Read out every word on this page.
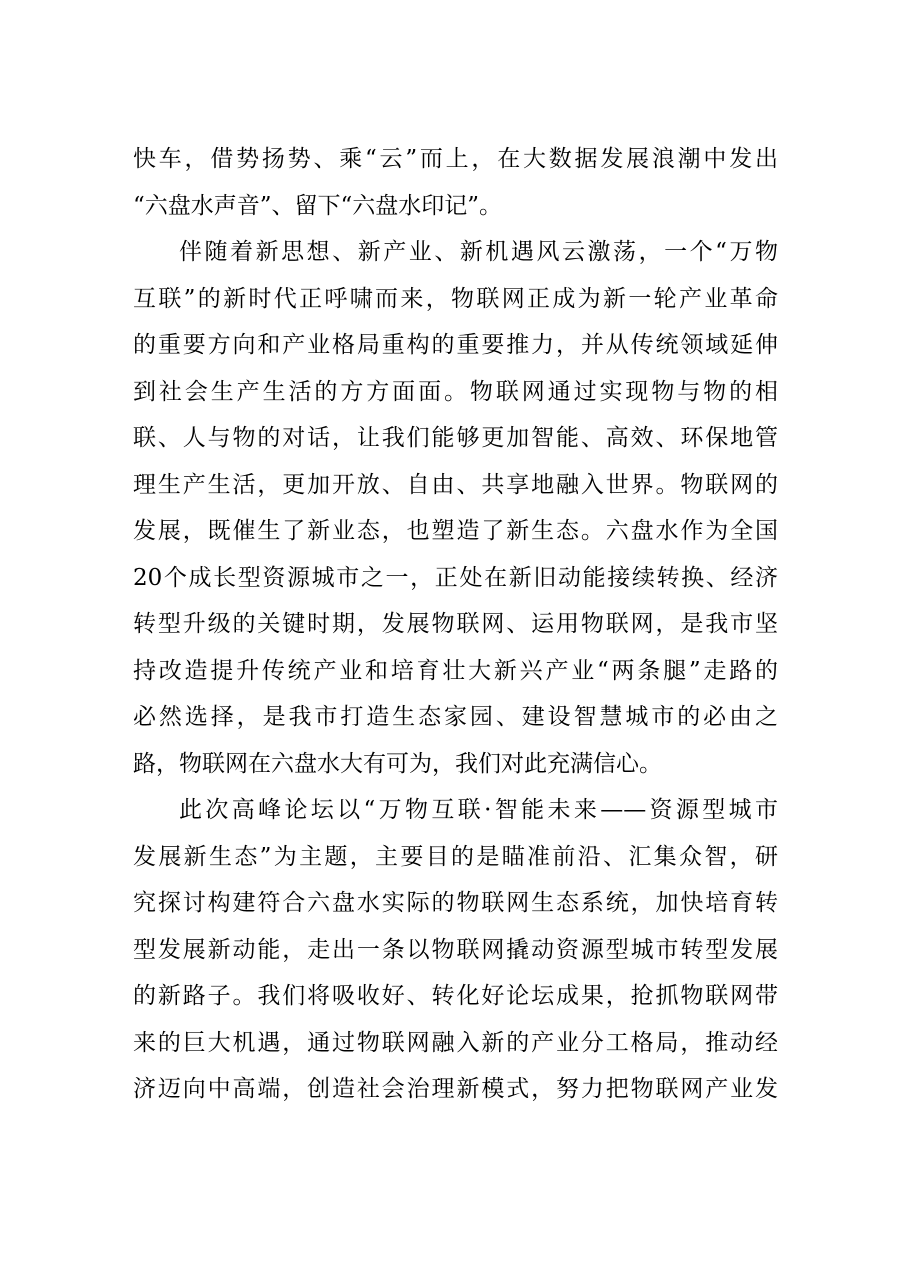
快车，借势扬势、乘“云”而上，在大数据发展浪潮中发出
“六盘水声音”、留下“六盘水印记”。
伴随着新思想、新产业、新机遇风云激荡，一个“万物
互联”的新时代正呼啸而来，物联网正成为新一轮产业革命
的重要方向和产业格局重构的重要推力，并从传统领域延伸
到社会生产生活的方方面面。物联网通过实现物与物的相
联、人与物的对话，让我们能够更加智能、高效、环保地管
理生产生活，更加开放、自由、共享地融入世界。物联网的
发展，既催生了新业态，也塑造了新生态。六盘水作为全国
20个成长型资源城市之一，正处在新旧动能接续转换、经济
转型升级的关键时期，发展物联网、运用物联网，是我市坚
持改造提升传统产业和培育壮大新兴产业“两条腿”走路的
必然选择，是我市打造生态家园、建设智慧城市的必由之
路，物联网在六盘水大有可为，我们对此充满信心。
此次高峰论坛以“万物互联·智能未来——资源型城市
发展新生态”为主题，主要目的是瞄准前沿、汇集众智，研
究探讨构建符合六盘水实际的物联网生态系统，加快培育转
型发展新动能，走出一条以物联网撬动资源型城市转型发展
的新路子。我们将吸收好、转化好论坛成果，抢抓物联网带
来的巨大机遇，通过物联网融入新的产业分工格局，推动经
济迈向中高端，创造社会治理新模式，努力把物联网产业发
